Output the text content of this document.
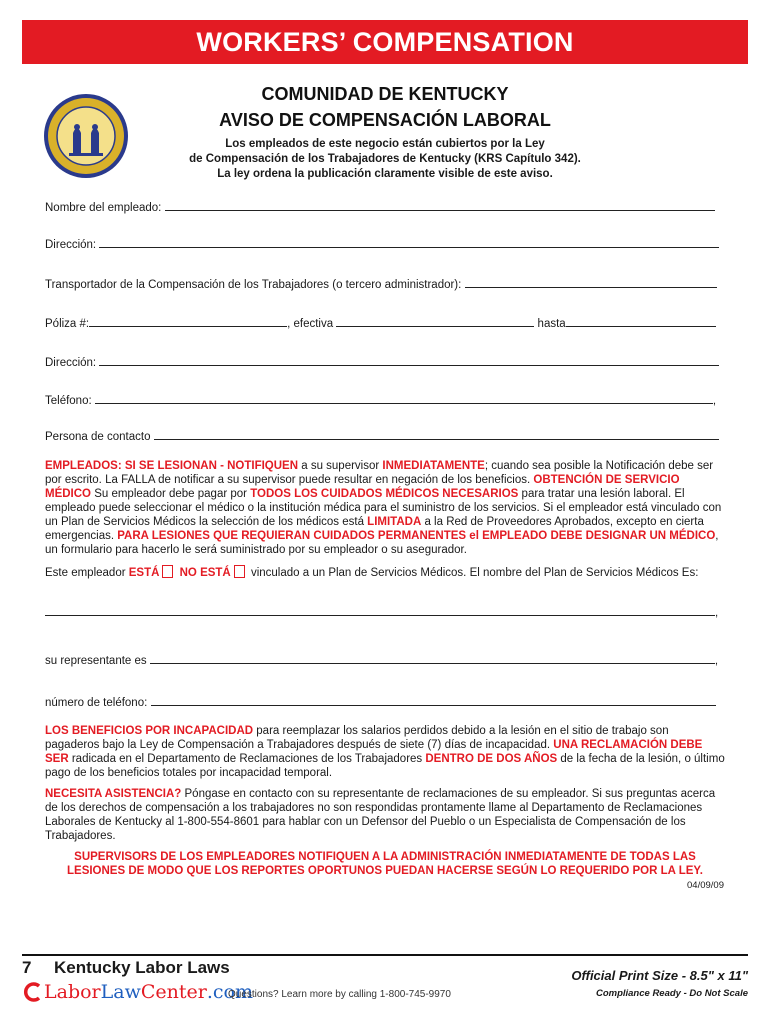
WORKERS’ COMPENSATION
COMUNIDAD DE KENTUCKY
AVISO DE COMPENSACIÓN LABORAL
Los empleados de este negocio están cubiertos por la Ley
de Compensación de los Trabajadores de Kentucky (KRS Capítulo 342).
La ley ordena la publicación claramente visible de este aviso.
Nombre del empleado:
Dirección:
Transportador de la Compensación de los Trabajadores (o tercero administrador):
Póliza #:	, efectiva	hasta
Dirección:
Teléfono:	,
Persona de contacto
EMPLEADOS: SI SE LESIONAN - NOTIFIQUEN a su supervisor INMEDIATAMENTE; cuando sea posible la Notificación debe ser por escrito. La FALLA de notificar a su supervisor puede resultar en negación de los beneficios. OBTENCIÓN DE SERVICIO MÉDICO Su empleador debe pagar por TODOS LOS CUIDADOS MÉDICOS NECESARIOS para tratar una lesión laboral. El empleado puede seleccionar el médico o la institución médica para el suministro de los servicios. Si el empleador está vinculado con un Plan de Servicios Médicos la selección de los médicos está LIMITADA a la Red de Proveedores Aprobados, excepto en cierta emergencias. PARA LESIONES QUE REQUIERAN CUIDADOS PERMANENTES el EMPLEADO DEBE DESIGNAR UN MÉDICO, un formulario para hacerlo le será suministrado por su empleador o su asegurador.
Este empleador ESTÁ NO ESTÁ vinculado a un Plan de Servicios Médicos. El nombre del Plan de Servicios Médicos Es:
,
su representante es	,
número de teléfono:
LOS BENEFICIOS POR INCAPACIDAD para reemplazar los salarios perdidos debido a la lesión en el sitio de trabajo son pagaderos bajo la Ley de Compensación a Trabajadores después de siete (7) días de incapacidad. UNA RECLAMACIÓN DEBE SER radicada en el Departamento de Reclamaciones de los Trabajadores DENTRO DE DOS AÑOS de la fecha de la lesión, o último pago de los beneficios totales por incapacidad temporal.
NECESITA ASISTENCIA? Póngase en contacto con su representante de reclamaciones de su empleador. Si sus preguntas acerca de los derechos de compensación a los trabajadores no son respondidas prontamente llame al Departamento de Reclamaciones Laborales de Kentucky al 1-800-554-8601 para hablar con un Defensor del Pueblo o un Especialista de Compensación de los Trabajadores.
SUPERVISORS DE LOS EMPLEADORES NOTIFIQUEN A LA ADMINISTRACIÓN INMEDIATAMENTE DE TODAS LAS LESIONES DE MODO QUE LOS REPORTES OPORTUNOS PUEDAN HACERSE SEGÚN LO REQUERIDO POR LA LEY.
04/09/09
7 Kentucky Labor Laws
Labor Law Center .com
Questions? Learn more by calling 1-800-745-9970
Official Print Size - 8.5" x 11"
Compliance Ready - Do Not Scale
